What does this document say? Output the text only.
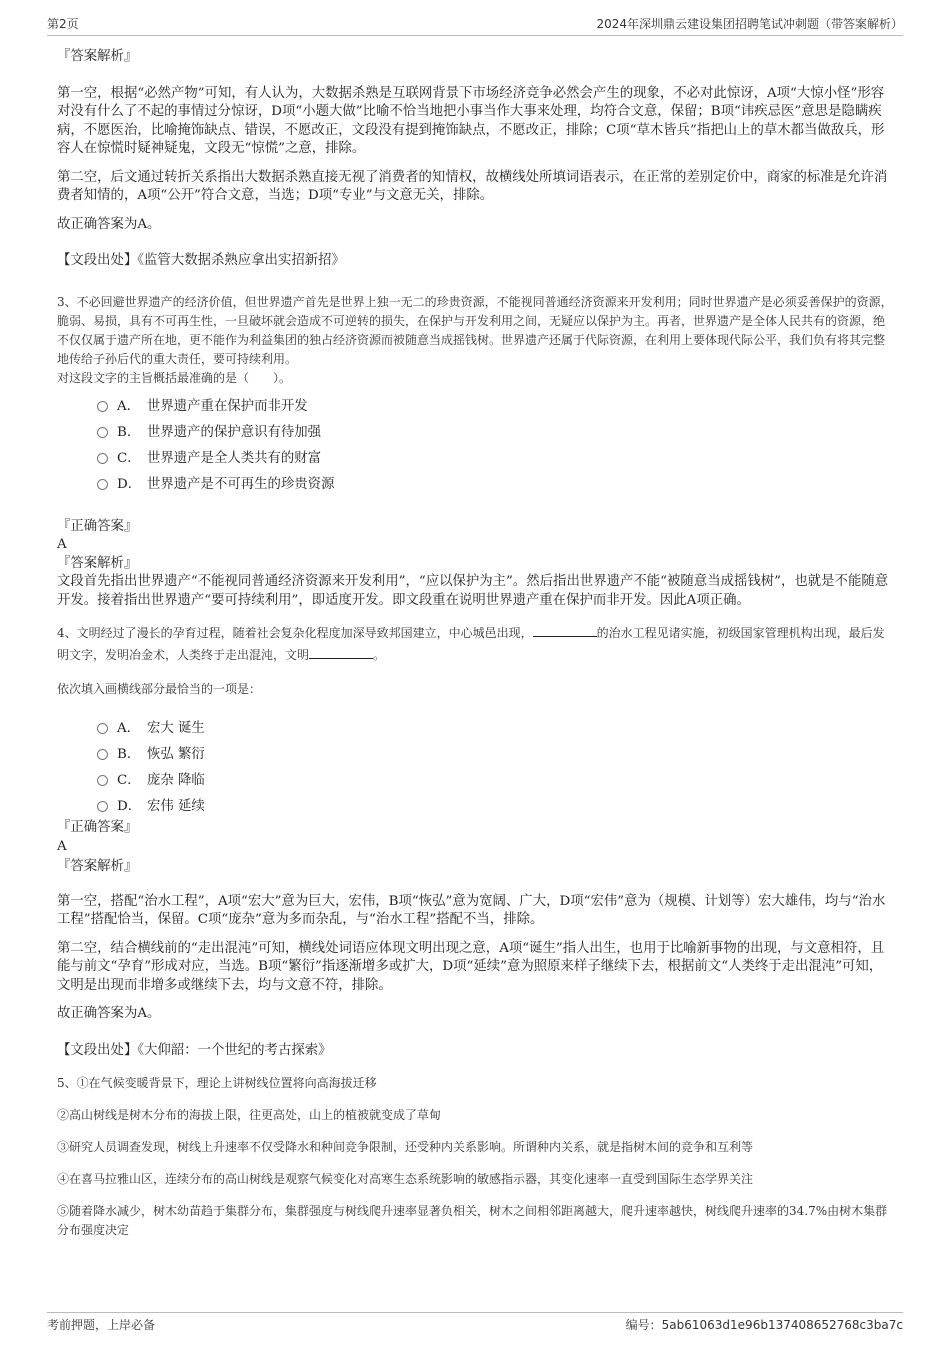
第2页	2024年深圳鼎云建设集团招聘笔试冲刺题（带答案解析）

『答案解析』

第一空，根据“必然产物”可知，有人认为，大数据杀熟是互联网背景下市场经济竞争必然会产生的现象，不必对此惊讶，A项“大惊小怪”形容对没有什么了不起的事情过分惊讶，D项“小题大做”比喻不恰当地把小事当作大事来处理，均符合文意，保留；B项“讳疾忌医”意思是隐瞒疾病，不愿医治，比喻掩饰缺点、错误，不愿改正，文段没有提到掩饰缺点，不愿改正，排除；C项“草木皆兵”指把山上的草木都当做敌兵，形容人在惊慌时疑神疑鬼，文段无“惊慌”之意，排除。

第二空，后文通过转折关系指出大数据杀熟直接无视了消费者的知情权，故横线处所填词语表示，在正常的差别定价中，商家的标准是允许消费者知情的，A项“公开”符合文意，当选；D项“专业”与文意无关，排除。

故正确答案为A。

【文段出处】《监管大数据杀熟应拿出实招新招》

3、不必回避世界遗产的经济价值，但世界遗产首先是世界上独一无二的珍贵资源，不能视同普通经济资源来开发利用；同时世界遗产是必须妥善保护的资源，脆弱、易损，具有不可再生性，一旦破坏就会造成不可逆转的损失，在保护与开发利用之间，无疑应以保护为主。再者，世界遗产是全体人民共有的资源，绝不仅仅属于遗产所在地，更不能作为利益集团的独占经济资源而被随意当成摇钱树。世界遗产还属于代际资源，在利用上要体现代际公平，我们负有将其完整地传给子孙后代的重大责任，要可持续利用。

对这段文字的主旨概括最准确的是（　　）。

A． 世界遗产重在保护而非开发
B． 世界遗产的保护意识有待加强
C． 世界遗产是全人类共有的财富
D． 世界遗产是不可再生的珍贵资源

『正确答案』

A

『答案解析』

文段首先指出世界遗产“不能视同普通经济资源来开发利用”，“应以保护为主”。然后指出世界遗产不能“被随意当成摇钱树”，也就是不能随意开发。接着指出世界遗产“要可持续利用”，即适度开发。即文段重在说明世界遗产重在保护而非开发。因此A项正确。

4、文明经过了漫长的孕育过程，随着社会复杂化程度加深导致邦国建立，中心城邑出现，	的治水工程见诸实施，初级国家管理机构出现，最后发明文字，发明冶金术，人类终于走出混沌，文明	。

依次填入画横线部分最恰当的一项是：

A． 宏大 诞生
B． 恢弘 繁衍
C． 庞杂 降临
D． 宏伟 延续

『正确答案』

A

『答案解析』

第一空，搭配“治水工程”，A项“宏大”意为巨大，宏伟，B项“恢弘”意为宽阔、广大，D项“宏伟”意为（规模、计划等）宏大雄伟，均与“治水工程”搭配恰当，保留。C项“庞杂”意为多而杂乱，与“治水工程”搭配不当，排除。

第二空，结合横线前的“走出混沌”可知，横线处词语应体现文明出现之意，A项“诞生”指人出生，也用于比喻新事物的出现，与文意相符，且能与前文“孕育”形成对应，当选。B项“繁衍”指逐渐增多或扩大，D项“延续”意为照原来样子继续下去，根据前文“人类终于走出混沌”可知，文明是出现而非增多或继续下去，均与文意不符，排除。

故正确答案为A。

【文段出处】《大仰韶：一个世纪的考古探索》

5、①在气候变暖背景下，理论上讲树线位置将向高海拔迁移

②高山树线是树木分布的海拔上限，往更高处，山上的植被就变成了草甸

③研究人员调查发现，树线上升速率不仅受降水和种间竞争限制，还受种内关系影响。所谓种内关系，就是指树木间的竞争和互利等

④在喜马拉雅山区，连续分布的高山树线是观察气候变化对高寒生态系统影响的敏感指示器，其变化速率一直受到国际生态学界关注

⑤随着降水减少，树木幼苗趋于集群分布，集群强度与树线爬升速率显著负相关，树木之间相邻距离越大，爬升速率越快，树线爬升速率的34.7%由树木集群分布强度决定

考前押题，上岸必备	编号：5ab61063d1e96b137408652768c3ba7c
